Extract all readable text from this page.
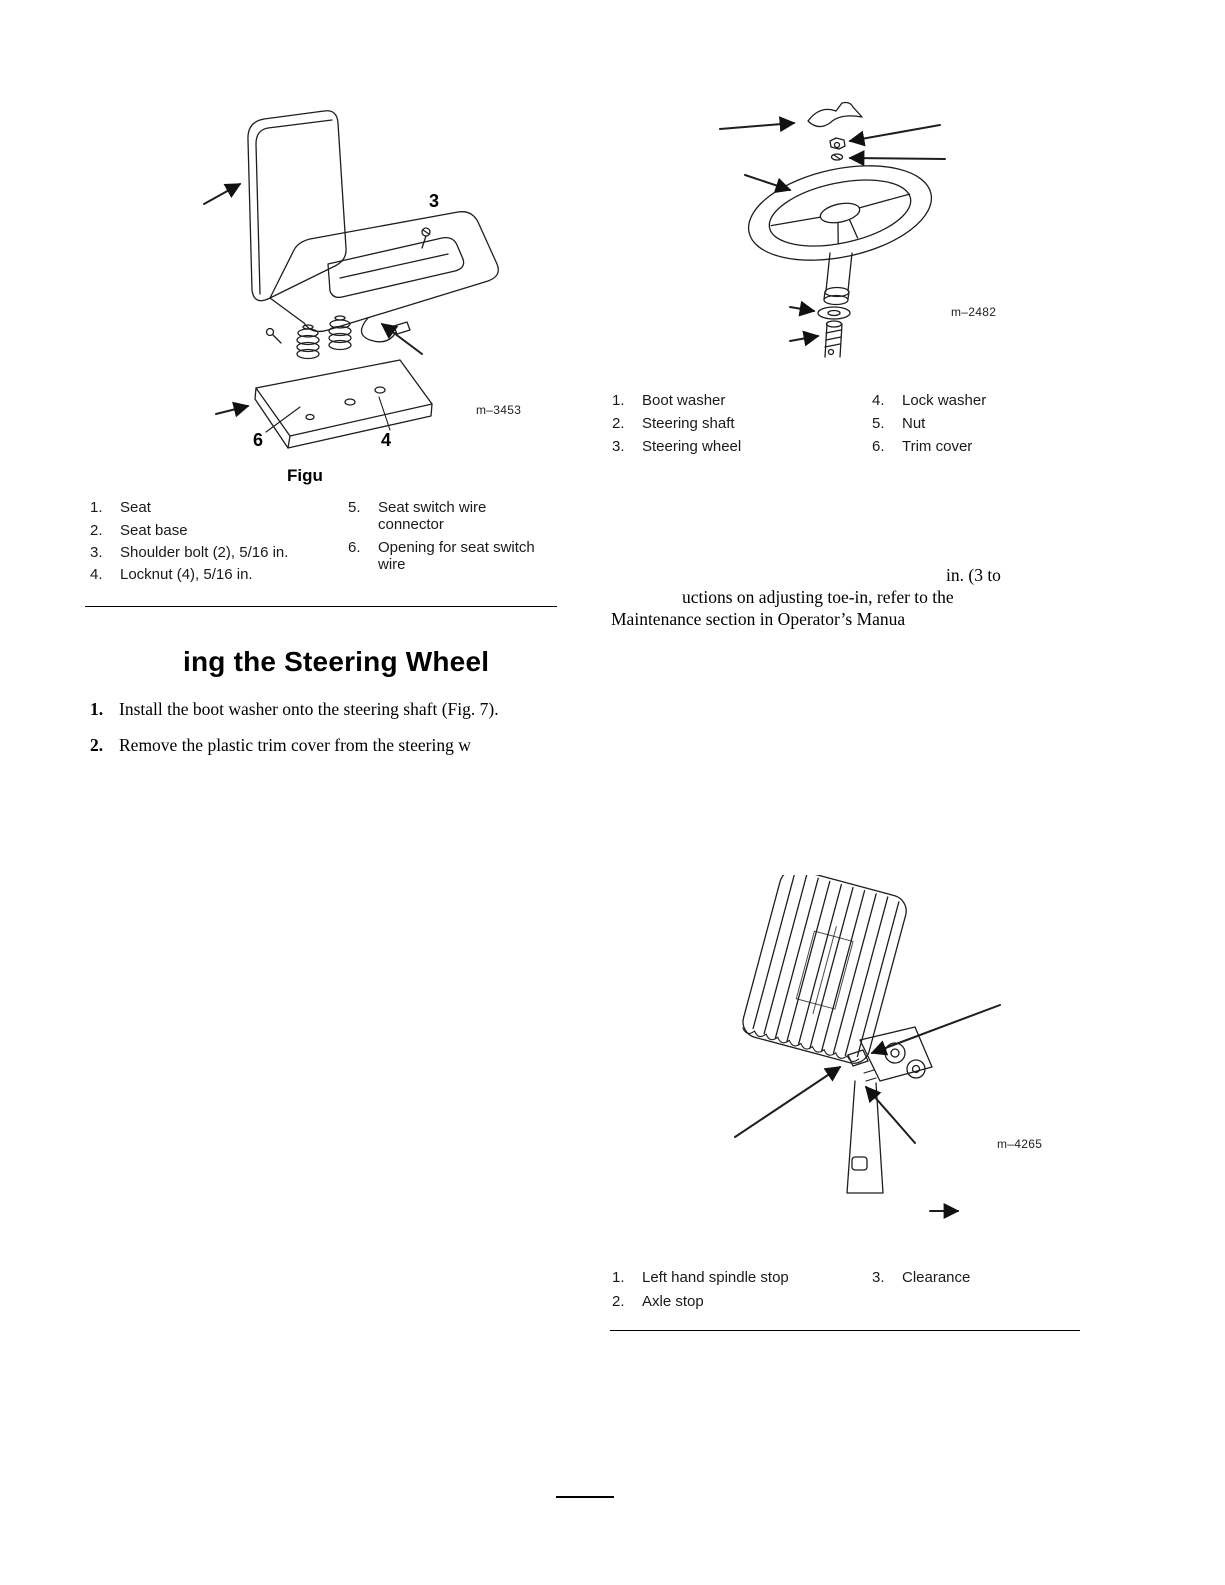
3
6	4
m–3453
Figu
1.	Seat
2.	Seat base
3.	Shoulder bolt (2), 5/16 in.
4.	Locknut (4), 5/16 in.
5.	Seat switch wire connector
6.	Opening for seat switch wire
ing the Steering Wheel
1. Install the boot washer onto the steering shaft (Fig. 7).
2. Remove the plastic trim cover from the steering w
m–2482
1.	Boot washer
2.	Steering shaft
3.	Steering wheel
4.	Lock washer
5.	Nut
6.	Trim cover
in. (3 to
uctions on adjusting toe-in, refer to the
Maintenance section in Operator’s Manua
m–4265
1.	Left hand spindle stop
2.	Axle stop
3.	Clearance
